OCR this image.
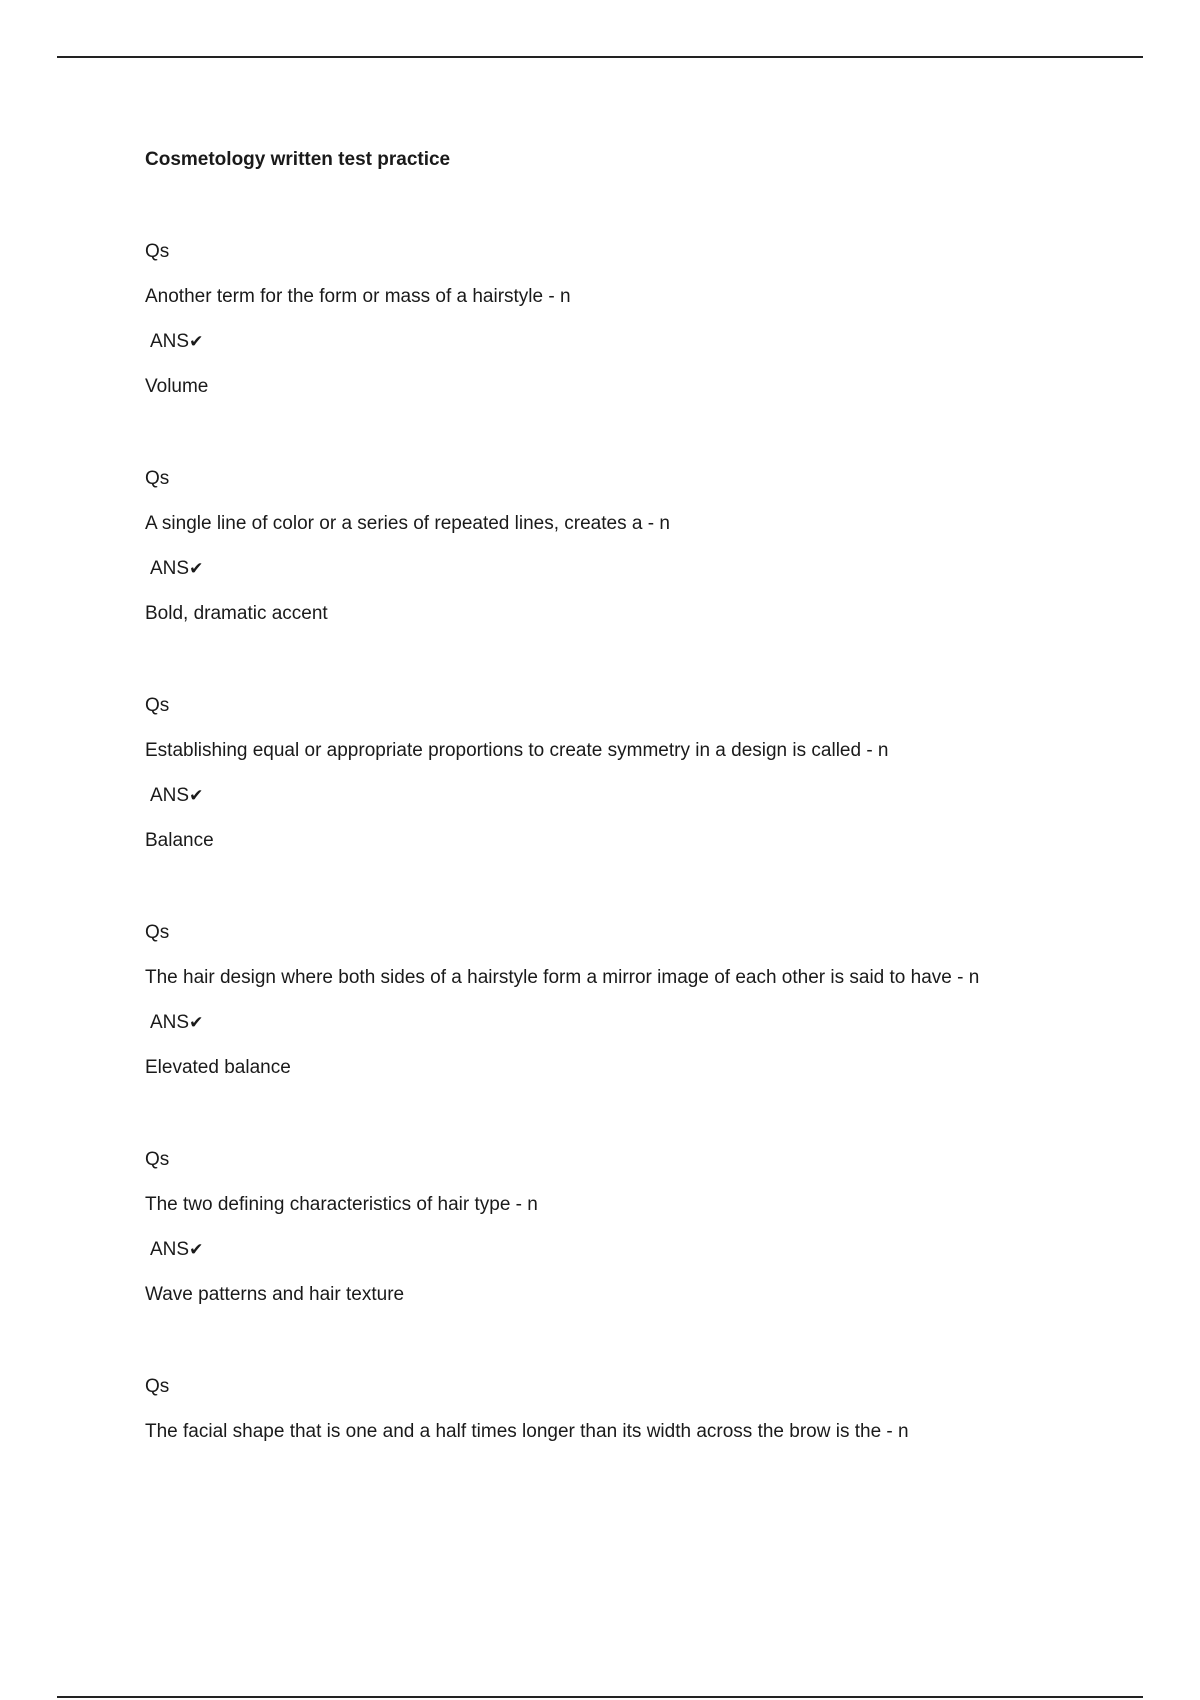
Cosmetology written test practice
Qs
Another term for the form or mass of a hairstyle - n
ANS✔
Volume
Qs
A single line of color or a series of repeated lines, creates a - n
ANS✔
Bold, dramatic accent
Qs
Establishing equal or appropriate proportions to create symmetry in a design is called - n
ANS✔
Balance
Qs
The hair design where both sides of a hairstyle form a mirror image of each other is said to have - n
ANS✔
Elevated balance
Qs
The two defining characteristics of hair type - n
ANS✔
Wave patterns and hair texture
Qs
The facial shape that is one and a half times longer than its width across the brow is the - n
